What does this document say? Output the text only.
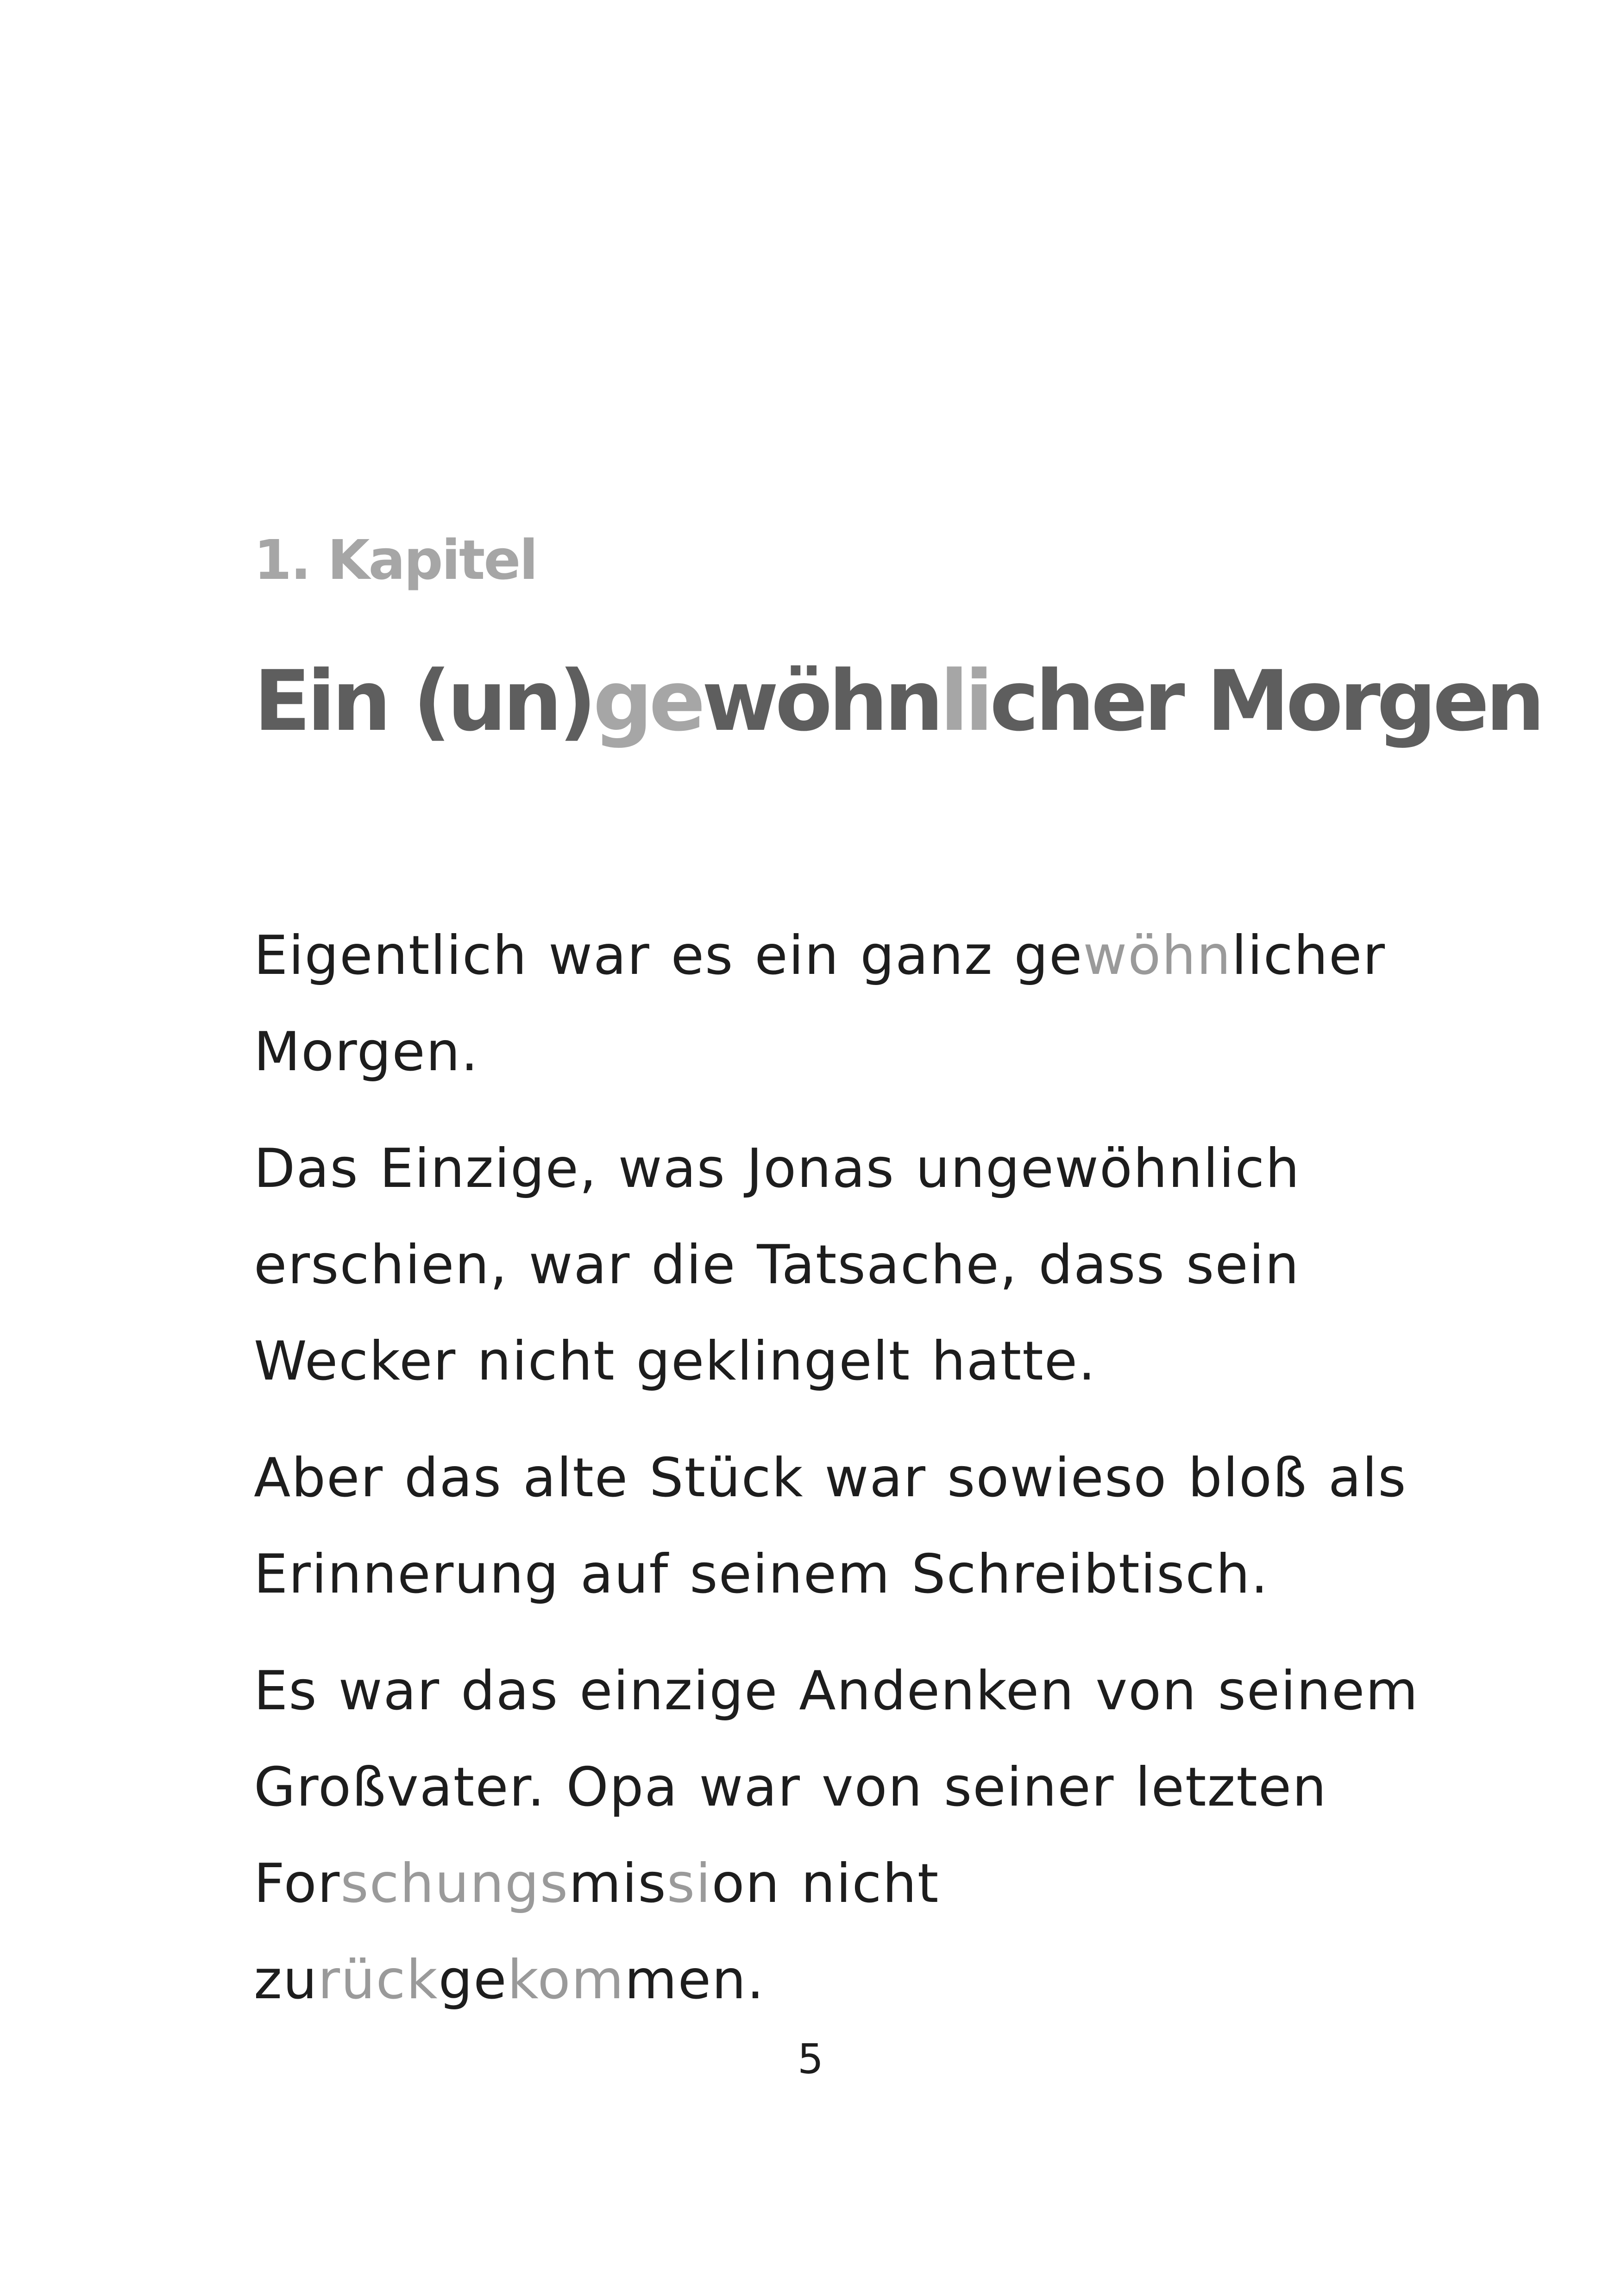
1. Kapitel
Ein (un)gewöhnlicher Morgen

Eigentlich war es ein ganz gewöhnlicher
Morgen.

Das Einzige, was Jonas ungewöhnlich
erschien, war die Tatsache, dass sein
Wecker nicht geklingelt hatte.

Aber das alte Stück war sowieso bloß als
Erinnerung auf seinem Schreibtisch.

Es war das einzige Andenken von seinem
Großvater. Opa war von seiner letzten
Forschungsmission nicht
zurückgekommen.

5
